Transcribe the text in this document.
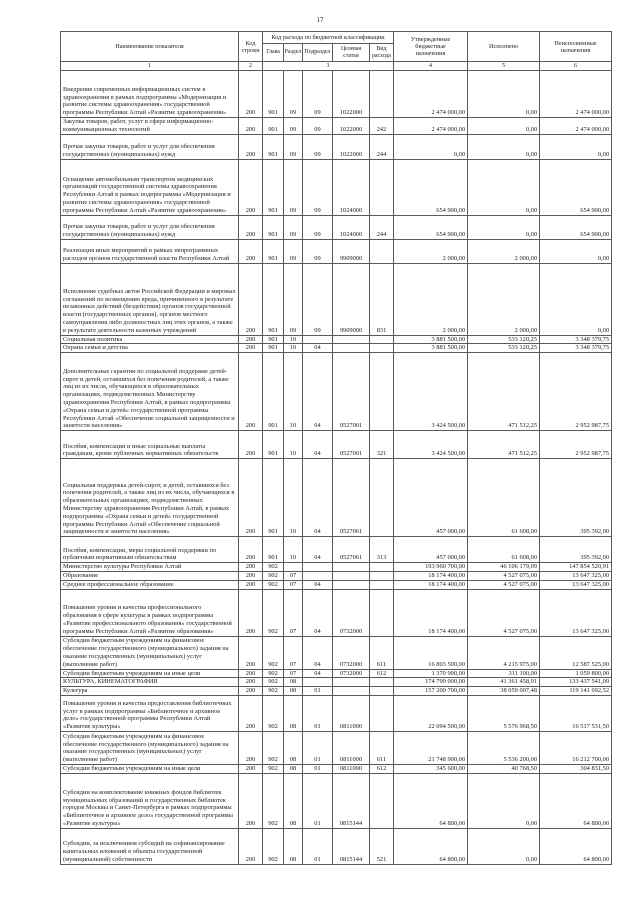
17
Наименование показателя	Код строки	Код расхода по бюджетной классификации					Утвержденные бюджетные назначения	Исполнено	Неисполненные назначения
		Глава	Раздел	Подраздел	Целевая статья	Вид расхода			
1	2	3					4	5	6
Внедрение современных информационных систем в здравоохранения в рамках подпрограммы «Модернизация и развитие системы здравоохранения» государственной программы Республики Алтай «Развитие здравоохранения»	200	901	09	09	1022000		2 474 000,00	0,00	2 474 000,00
Закупка товаров, работ, услуг в сфере информационно-коммуникационных технологий	200	901	09	09	1022000	242	2 474 000,00	0,00	2 474 000,00
Прочая закупка товаров, работ и услуг для обеспечения государственных (муниципальных) нужд	200	901	09	09	1022000	244	0,00	0,00	0,00
Оснащение автомобильным транспортом медицинских организаций государственной системы здравоохранения Республики Алтай в рамках подпрограммы «Модернизация и развитие системы здравоохранения» государственной программы Республики Алтай «Развитие здравоохранения»	200	901	09	09	1024000		654 900,00	0,00	654 900,00
Прочая закупка товаров, работ и услуг для обеспечения государственных (муниципальных) нужд	200	901	09	09	1024000	244	654 900,00	0,00	654 900,00
Реализация иных мероприятий в рамках непрограммных расходов органов государственной власти Республики Алтай	200	901	09	09	9909000		2 000,00	2 000,00	0,00
Исполнение судебных актов Российской Федерации и мировых соглашений по возмещению вреда, причиненного в результате незаконных действий (бездействия) органов государственной власти (государственных органов), органов местного самоуправления либо должностных лиц этих органов, а также в результате деятельности казенных учреждений	200	901	09	09	9909000	831	2 000,00	2 000,00	0,00
Социальная политика	200	901	10				3 881 500,00	533 120,25	3 348 379,75
Охрана семьи и детства	200	901	10	04			3 881 500,00	533 120,25	3 348 379,75
Дополнительные гарантии по социальной поддержке детей-сирот и детей, оставшихся без попечения родителей, а также лиц из их числа, обучающихся в образовательных организациях, подведомственных Министерству здравоохранения Республики Алтай, в рамках подпрограммы «Охрана семьи и детей» государственной программы Республики Алтай «Обеспечение социальной защищенности и занятости населения»	200	901	10	04	0527001		3 424 500,00	471 512,25	2 952 987,75
Пособия, компенсации и иные социальные выплаты гражданам, кроме публичных нормативных обязательств	200	901	10	04	0527001	321	3 424 500,00	471 512,25	2 952 987,75
Социальная поддержка детей-сирот, и детей, оставшихся без попечения родителей, а также лиц из их числа, обучающихся в образовательных организациях, подведомственных Министерству здравоохранения Республики Алтай, в рамках подпрограммы «Охрана семьи и детей» государственной программы Республики Алтай «Обеспечение социальной защищенности и занятости населения»	200	901	10	04	0527061		457 000,00	61 608,00	395 392,00
Пособия, компенсации, меры социальной поддержки по публичным нормативным обязательствам	200	901	10	04	0527061	313	457 000,00	61 608,00	395 392,00
Министерство культуры Республики Алтай	200	902					193 960 700,00	46 106 179,09	147 854 520,91
Образование	200	902	07				18 174 400,00	4 527 075,00	13 647 325,00
Среднее профессиональное образование	200	902	07	04			18 174 400,00	4 527 075,00	13 647 325,00
Повышение уровня и качества профессионального образования в сфере культуры в рамках подпрограммы «Развитие профессионального образования» государственной программы Республики Алтай «Развитие образования»	200	902	07	04	0732000		18 174 400,00	4 527 075,00	13 647 325,00
Субсидии бюджетным учреждениям на финансовое обеспечение государственного (муниципального) задания на оказание государственных (муниципальных) услуг (выполнение работ)	200	902	07	04	0732000	611	16 803 500,00	4 215 975,00	12 587 525,00
Субсидии бюджетным учреждениям на иные цели	200	902	07	04	0732000	612	1 370 900,00	311 100,00	1 059 800,00
КУЛЬТУРА, КИНЕМАТОГРАФИЯ	200	902	08				174 799 000,00	41 361 458,91	133 437 541,09
Культура	200	902	08	01			157 200 700,00	38 059 007,48	119 141 692,52
Повышение уровня и качества предоставления библиотечных услуг в рамках подпрограммы «Библиотечное и архивное дело» государственной программы Республики Алтай «Развитие культуры»	200	902	08	01	0811000		22 094 500,00	5 576 968,50	16 517 531,50
Субсидии бюджетным учреждениям на финансовое обеспечение государственного (муниципального) задания на оказание государственных (муниципальных) услуг (выполнение работ)	200	902	08	01	0811000	611	21 748 900,00	5 536 200,00	16 212 700,00
Субсидии бюджетным учреждениям на иные цели	200	902	08	01	0811000	612	345 600,00	40 768,50	304 831,50
Субсидии на комплектование книжных фондов библиотек муниципальных образований и государственных библиотек городов Москвы и Санкт-Петербурга в рамках подпрограммы «Библиотечное и архивное дело» государственной программы «Развитие культуры»	200	902	08	01	0815144		64 800,00	0,00	64 800,00
Субсидии, за исключением субсидий на софинансирование капитальных вложений в объекты государственной (муниципальной) собственности	200	902	08	01	0815144	521	64 800,00	0,00	64 800,00
